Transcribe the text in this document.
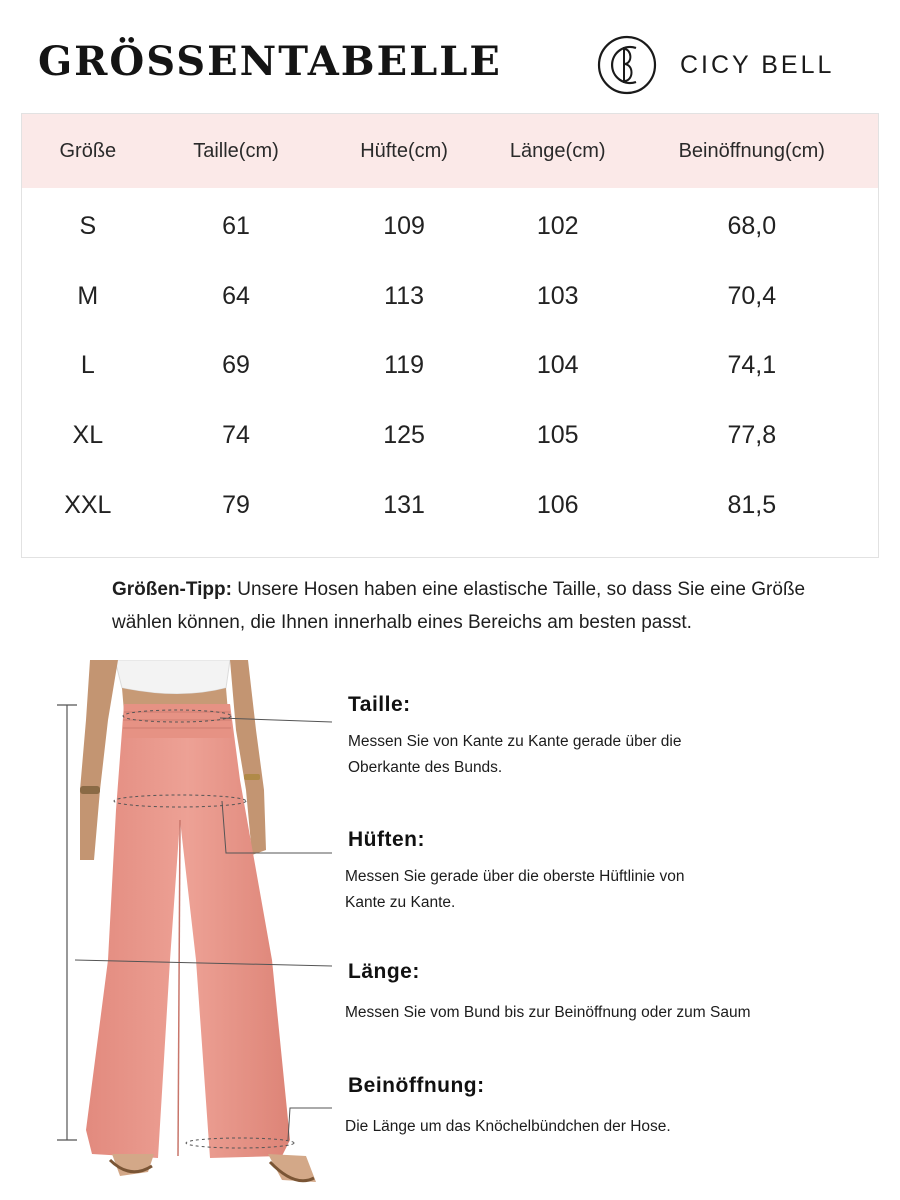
GRÖSSENTABELLE	CICY BELL
Größe	Taille(cm)	Hüfte(cm)	Länge(cm)	Beinöffnung(cm)
S	61	109	102	68,0
M	64	113	103	70,4
L	69	119	104	74,1
XL	74	125	105	77,8
XXL	79	131	106	81,5
Größen-Tipp: Unsere Hosen haben eine elastische Taille, so dass Sie eine Größe wählen können, die Ihnen innerhalb eines Bereichs am besten passt.
Taille:
Messen Sie von Kante zu Kante gerade über die
Oberkante des Bunds.
Hüften:
Messen Sie gerade über die oberste Hüftlinie von
Kante zu Kante.
Länge:
Messen Sie vom Bund bis zur Beinöffnung oder zum Saum
Beinöffnung:
Die Länge um das Knöchelbündchen der Hose.
